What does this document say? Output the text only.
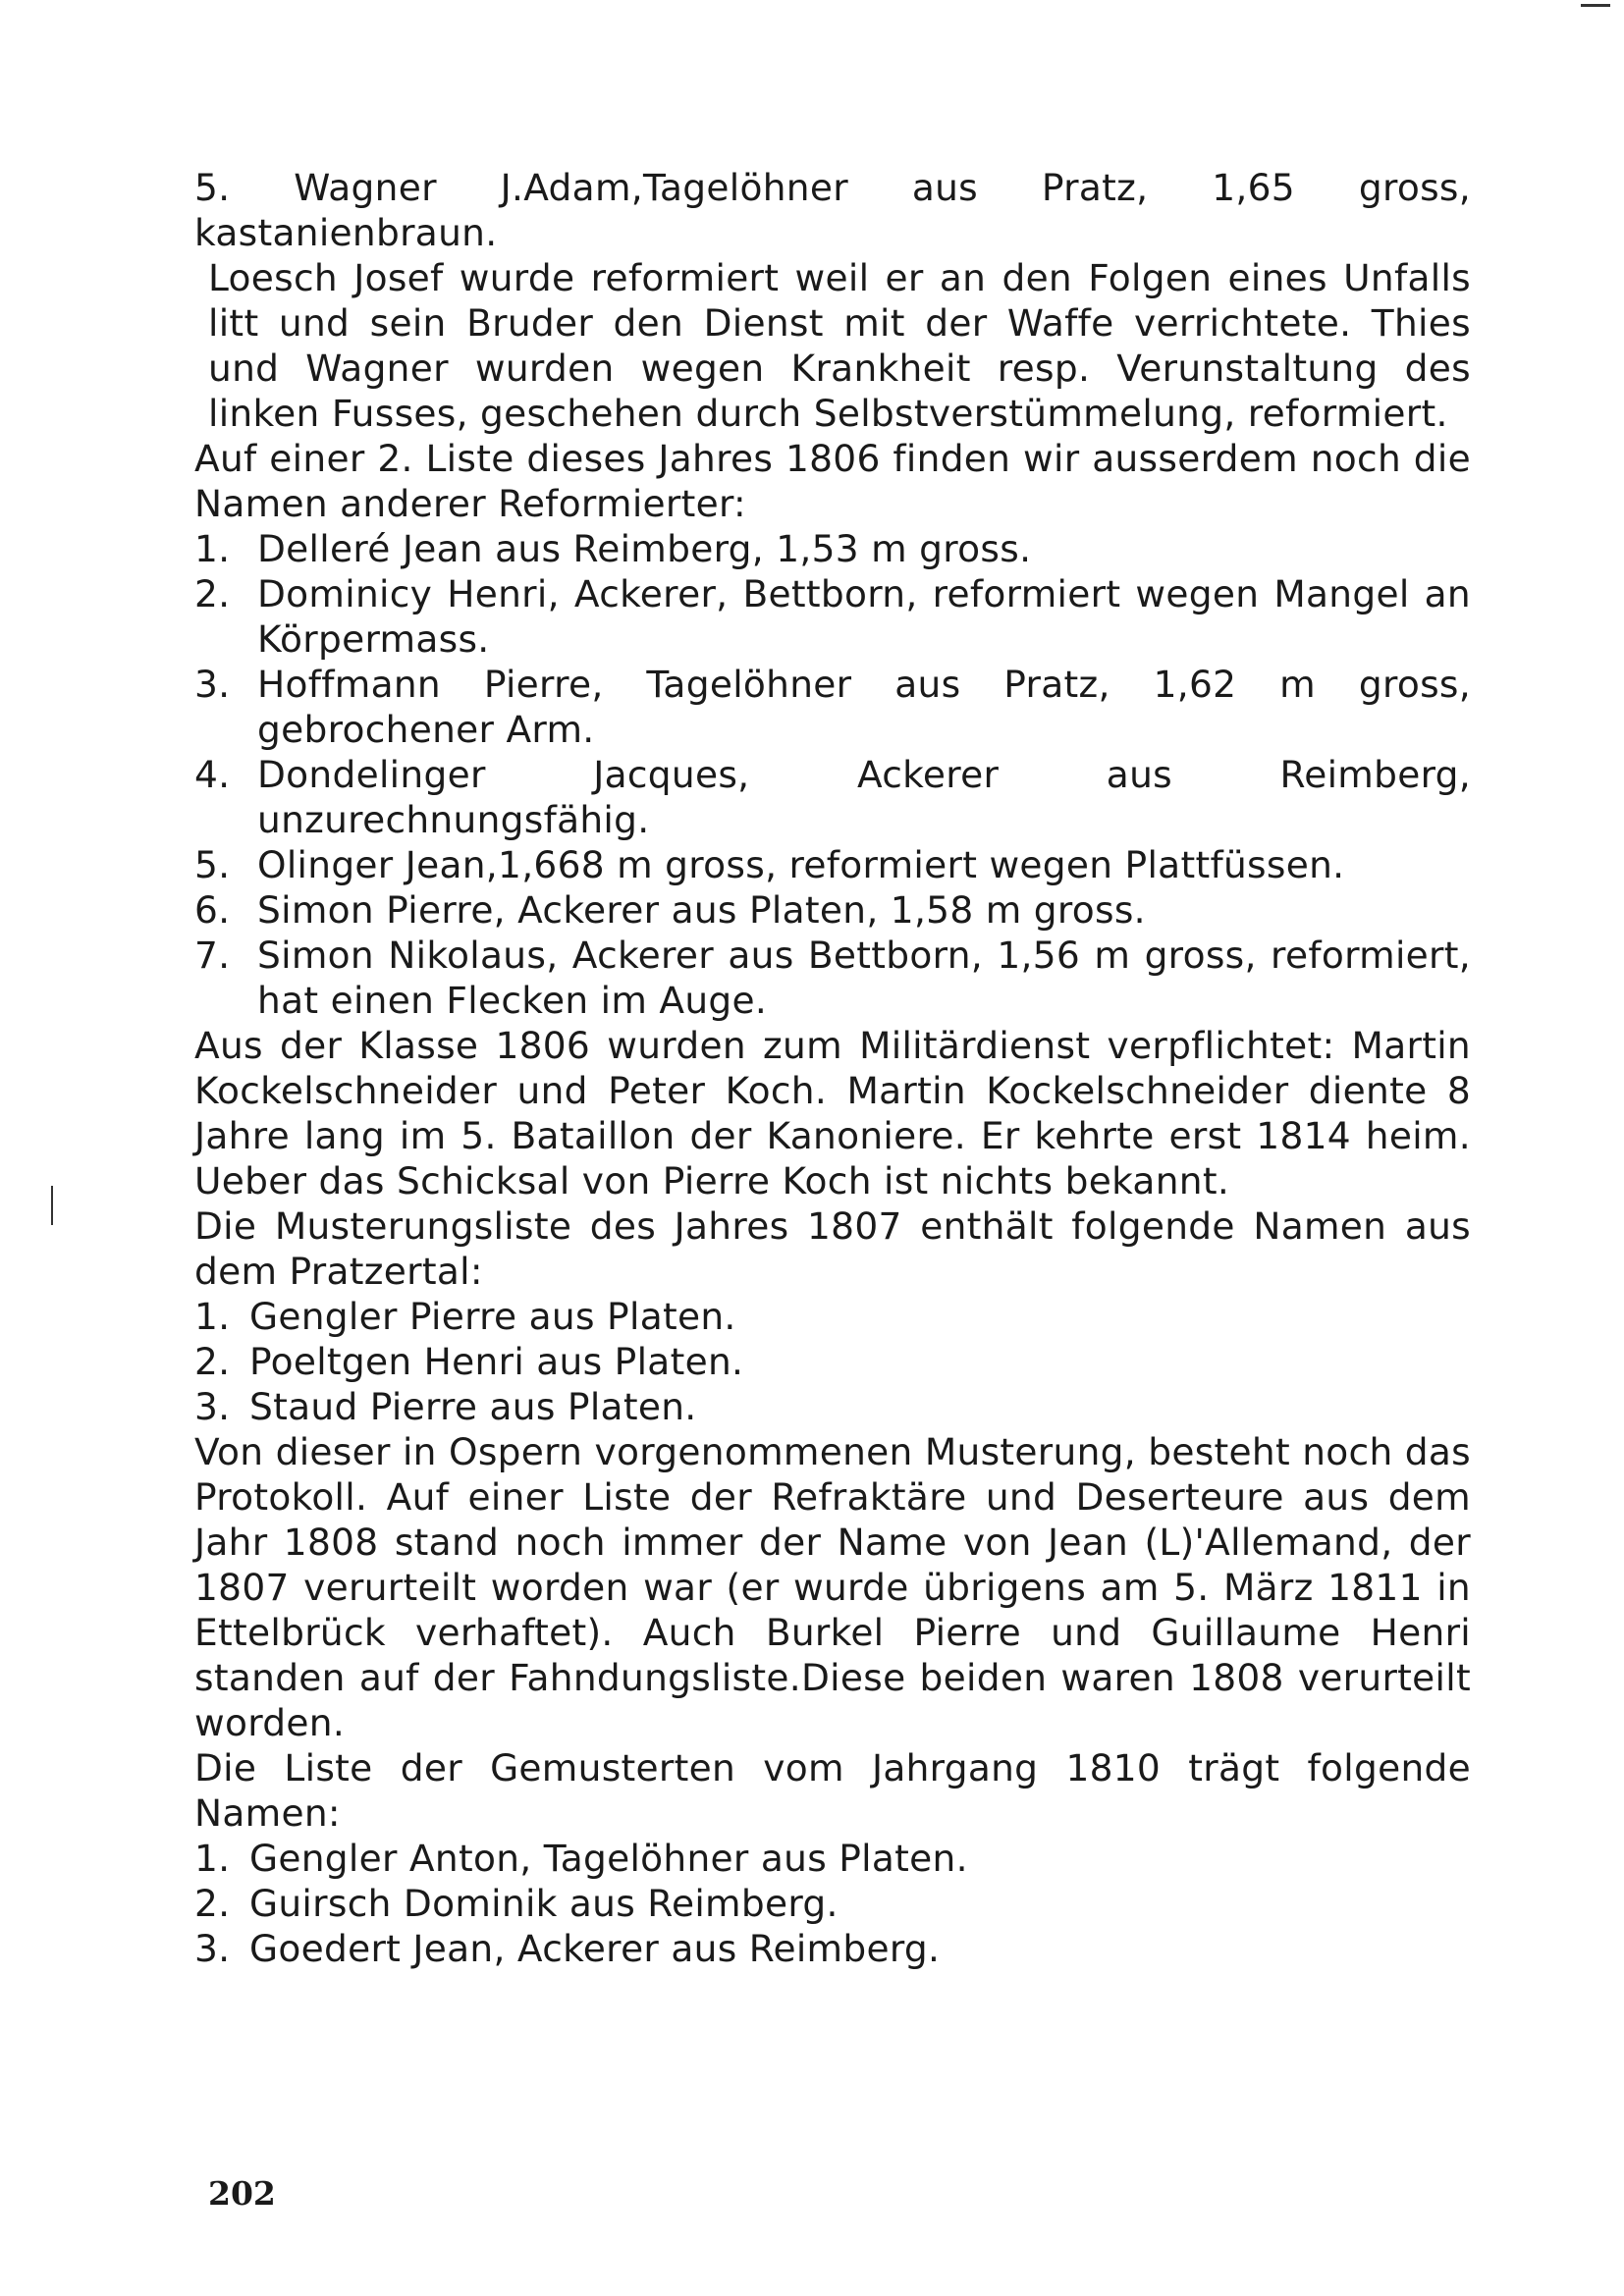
5. Wagner J.Adam,Tagelöhner aus Pratz, 1,65 gross, kastanienbraun.

Loesch Josef wurde reformiert weil er an den Folgen eines Unfalls litt und sein Bruder den Dienst mit der Waffe verrichtete. Thies und Wagner wurden wegen Krankheit resp. Verunstaltung des linken Fusses, geschehen durch Selbstverstümmelung, reformiert.

Auf einer 2. Liste dieses Jahres 1806 finden wir ausserdem noch die Namen anderer Reformierter:

1. Delleré Jean aus Reimberg, 1,53 m gross.
2. Dominicy Henri, Ackerer, Bettborn, reformiert wegen Mangel an Körpermass.
3. Hoffmann Pierre, Tagelöhner aus Pratz, 1,62 m gross, gebrochener Arm.
4. Dondelinger Jacques, Ackerer aus Reimberg, unzurechnungsfähig.
5. Olinger Jean,1,668 m gross, reformiert wegen Plattfüssen.
6. Simon Pierre, Ackerer aus Platen, 1,58 m gross.
7. Simon Nikolaus, Ackerer aus Bettborn, 1,56 m gross, reformiert, hat einen Flecken im Auge.

Aus der Klasse 1806 wurden zum Militärdienst verpflichtet: Martin Kockelschneider und Peter Koch. Martin Kockelschneider diente 8 Jahre lang im 5. Bataillon der Kanoniere. Er kehrte erst 1814 heim. Ueber das Schicksal von Pierre Koch ist nichts bekannt.

Die Musterungsliste des Jahres 1807 enthält folgende Namen aus dem Pratzertal:

1. Gengler Pierre aus Platen.
2. Poeltgen Henri aus Platen.
3. Staud Pierre aus Platen.

Von dieser in Ospern vorgenommenen Musterung, besteht noch das Protokoll. Auf einer Liste der Refraktäre und Deserteure aus dem Jahr 1808 stand noch immer der Name von Jean (L)'Allemand, der 1807 verurteilt worden war (er wurde übrigens am 5. März 1811 in Ettelbrück verhaftet). Auch Burkel Pierre und Guillaume Henri standen auf der Fahndungsliste.Diese beiden waren 1808 verurteilt worden.

Die Liste der Gemusterten vom Jahrgang 1810 trägt folgende Namen:

1. Gengler Anton, Tagelöhner aus Platen.
2. Guirsch Dominik aus Reimberg.
3. Goedert Jean, Ackerer aus Reimberg.
202
